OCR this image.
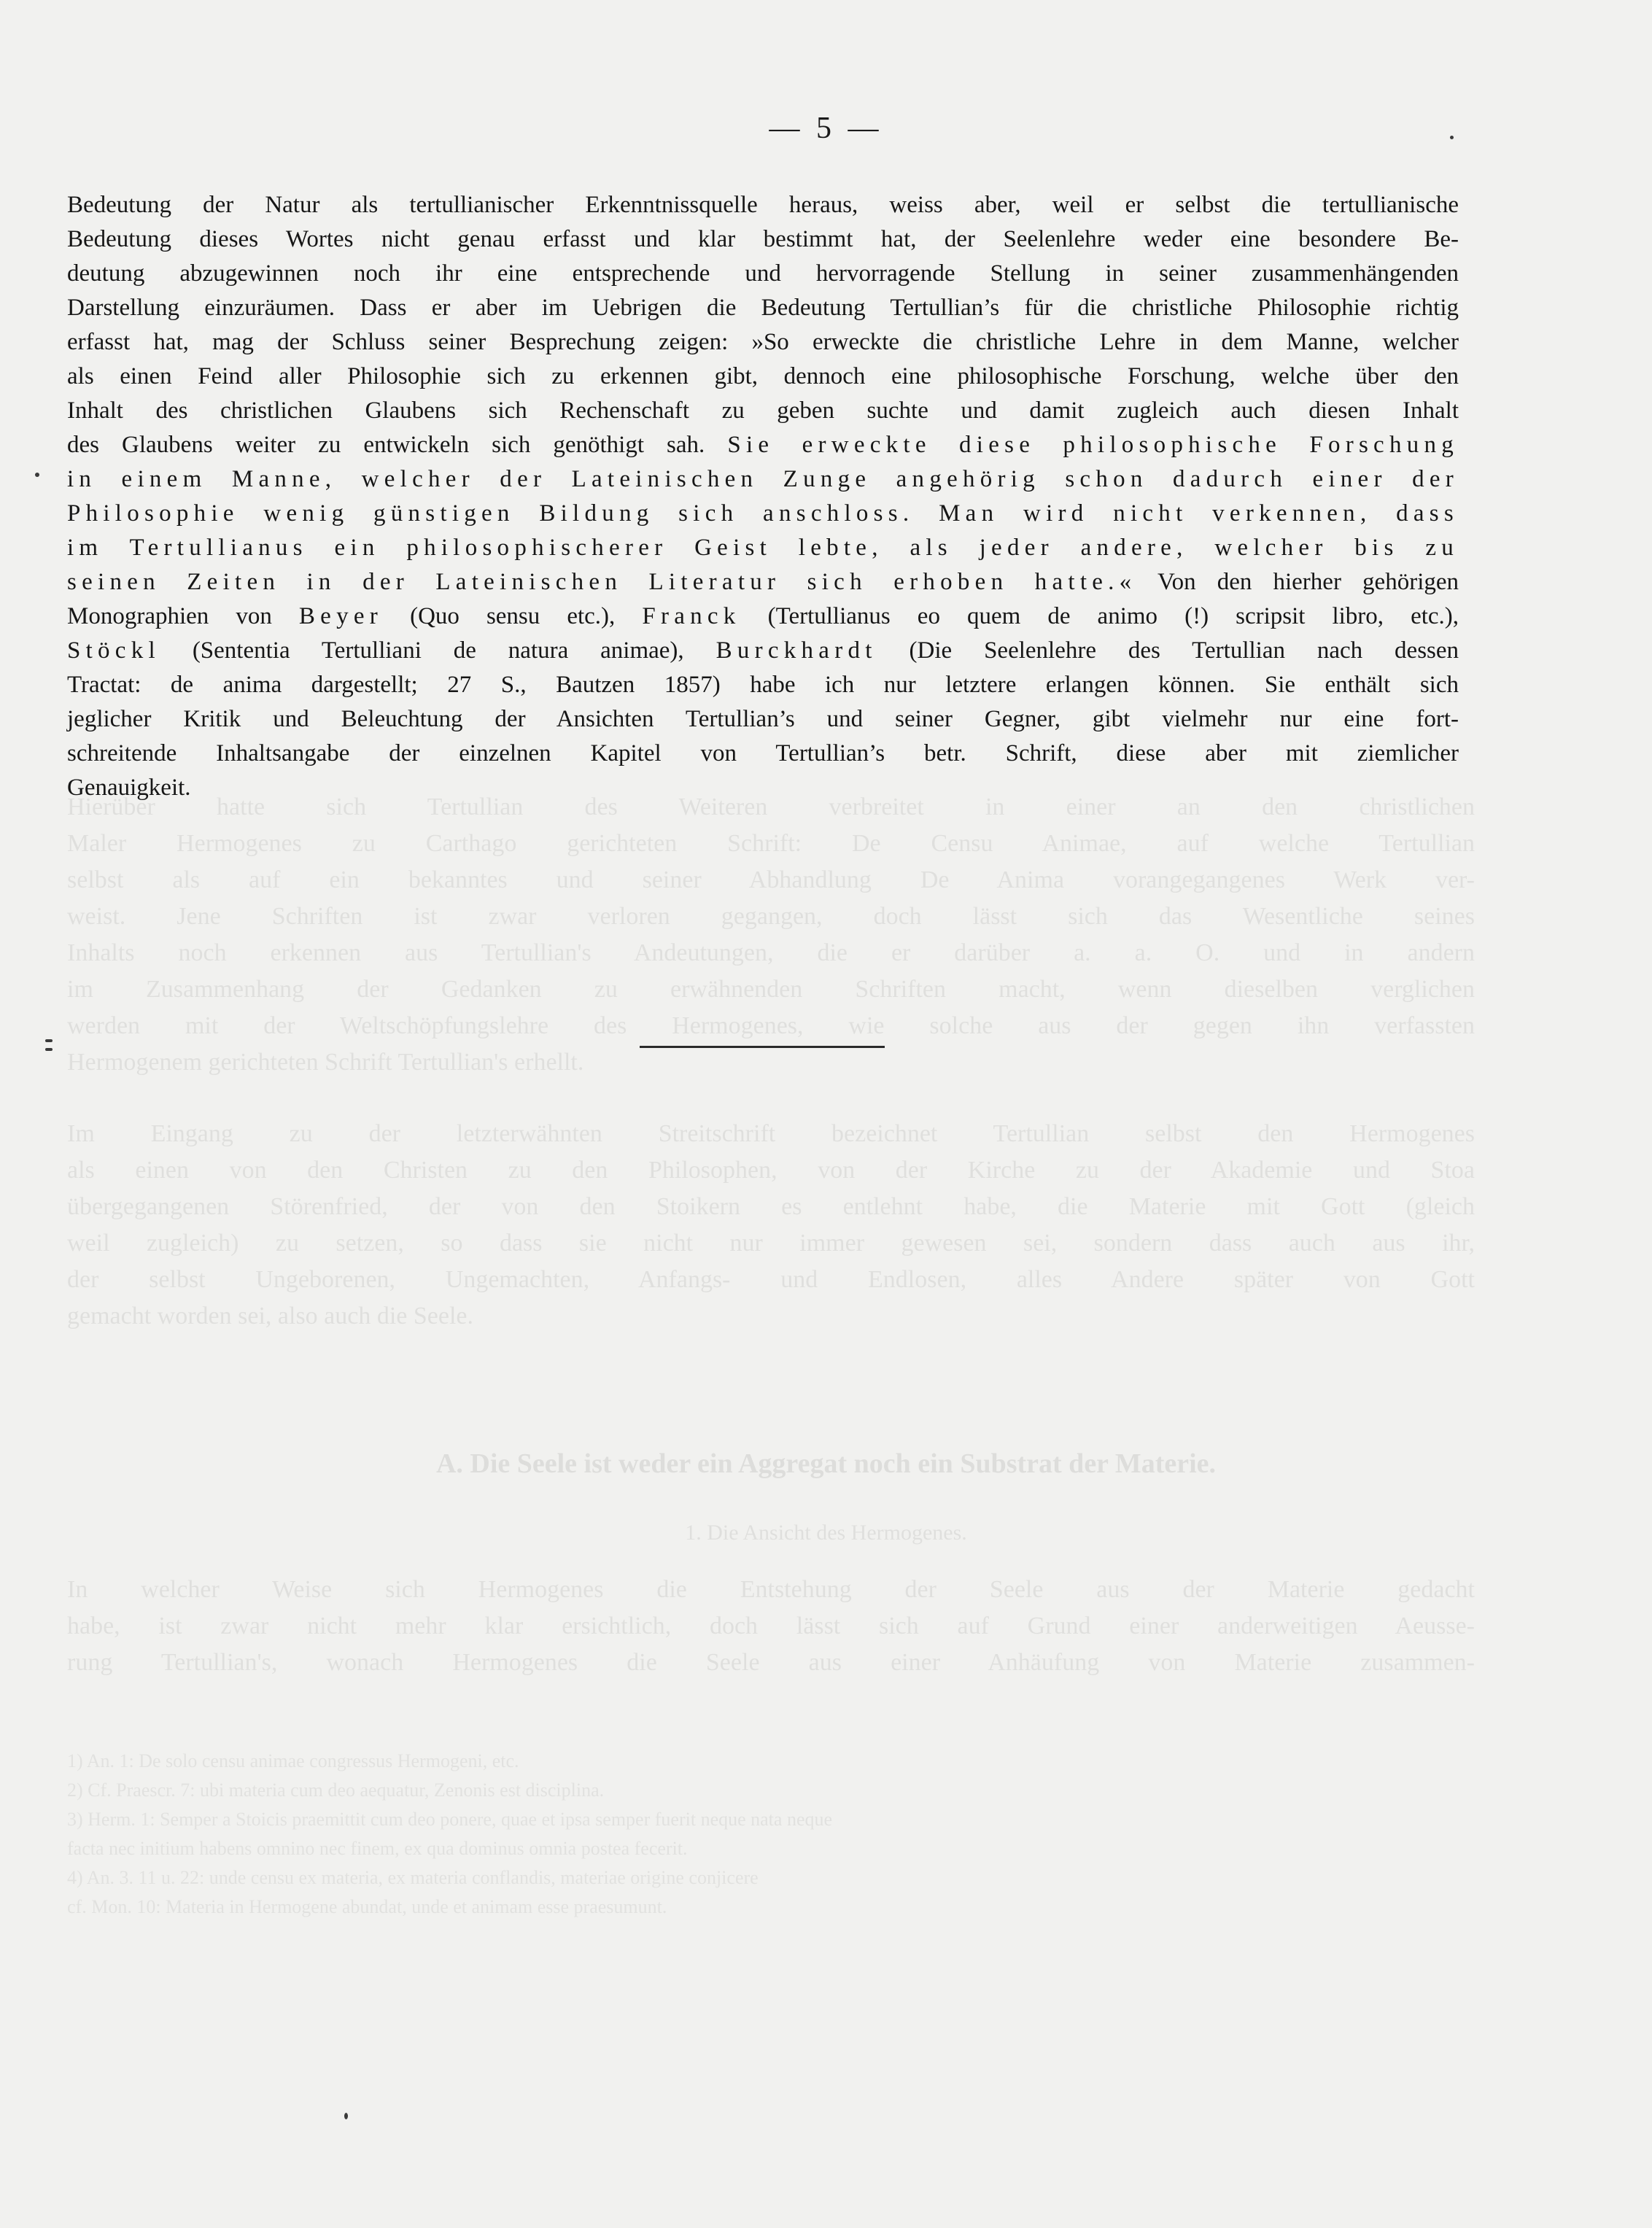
— 5 —
Hierüber hatte sich Tertullian des Weiteren verbreitet in einer an den christlichen
Maler Hermogenes zu Carthago gerichteten Schrift: De Censu Animae, auf welche Tertullian
selbst als auf ein bekanntes und seiner Abhandlung De Anima vorangegangenes Werk ver-
weist. Jene Schriften ist zwar verloren gegangen, doch lässt sich das Wesentliche seines
Inhalts noch erkennen aus Tertullian's Andeutungen, die er darüber a. a. O. und in andern
im Zusammenhang der Gedanken zu erwähnenden Schriften macht, wenn dieselben verglichen
werden mit der Weltschöpfungslehre des Hermogenes, wie solche aus der gegen ihn verfassten
Hermogenem gerichteten Schrift Tertullian's erhellt.
Im Eingang zu der letzterwähnten Streitschrift bezeichnet Tertullian selbst den Hermogenes
als einen von den Christen zu den Philosophen, von der Kirche zu der Akademie und Stoa
übergegangenen Störenfried, der von den Stoikern es entlehnt habe, die Materie mit Gott (gleich
weil zugleich) zu setzen, so dass sie nicht nur immer gewesen sei, sondern dass auch aus ihr,
der selbst Ungeborenen, Ungemachten, Anfangs- und Endlosen, alles Andere später von Gott
gemacht worden sei, also auch die Seele.
A. Die Seele ist weder ein Aggregat noch ein Substrat der Materie.
1. Die Ansicht des Hermogenes.
In welcher Weise sich Hermogenes die Entstehung der Seele aus der Materie gedacht
habe, ist zwar nicht mehr klar ersichtlich, doch lässt sich auf Grund einer anderweitigen Aeusse-
rung Tertullian's, wonach Hermogenes die Seele aus einer Anhäufung von Materie zusammen-
1) An. 1: De solo censu animae congressus Hermogeni, etc.
2) Cf. Praescr. 7: ubi materia cum deo aequatur, Zenonis est disciplina.
3) Herm. 1: Semper a Stoicis praemittit cum deo ponere, quae et ipsa semper fuerit neque nata neque
facta nec initium habens omnino nec finem, ex qua dominus omnia postea fecerit.
4) An. 3. 11 u. 22: unde censu ex materia, ex materia conflandis, materiae origine conjicere
cf. Mon. 10: Materia in Hermogene abundat, unde et animam esse praesumunt.
Bedeutung der Natur als tertullianischer Erkenntnissquelle heraus, weiss aber, weil er selbst die tertullianische
Bedeutung dieses Wortes nicht genau erfasst und klar bestimmt hat, der Seelenlehre weder eine besondere Be-
deutung abzugewinnen noch ihr eine entsprechende und hervorragende Stellung in seiner zusammenhängenden
Darstellung einzuräumen. Dass er aber im Uebrigen die Bedeutung Tertullian’s für die christliche Philosophie richtig
erfasst hat, mag der Schluss seiner Besprechung zeigen: »So erweckte die christliche Lehre in dem Manne, welcher
als einen Feind aller Philosophie sich zu erkennen gibt, dennoch eine philosophische Forschung, welche über den
Inhalt des christlichen Glaubens sich Rechenschaft zu geben suchte und damit zugleich auch diesen Inhalt
des Glaubens weiter zu entwickeln sich genöthigt sah. Sie erweckte diese philosophische Forschung
in einem Manne, welcher der Lateinischen Zunge angehörig schon dadurch einer der
Philosophie wenig günstigen Bildung sich anschloss. Man wird nicht verkennen, dass
im Tertullianus ein philosophischerer Geist lebte, als jeder andere, welcher bis zu
seinen Zeiten in der Lateinischen Literatur sich erhoben hatte.« Von den hierher gehörigen
Monographien von Beyer (Quo sensu etc.), Franck (Tertullianus eo quem de animo (!) scripsit libro, etc.),
Stöckl (Sententia Tertulliani de natura animae), Burckhardt (Die Seelenlehre des Tertullian nach dessen
Tractat: de anima dargestellt; 27 S., Bautzen 1857) habe ich nur letztere erlangen können. Sie enthält sich
jeglicher Kritik und Beleuchtung der Ansichten Tertullian’s und seiner Gegner, gibt vielmehr nur eine fort-
schreitende Inhaltsangabe der einzelnen Kapitel von Tertullian’s betr. Schrift, diese aber mit ziemlicher
Genauigkeit.
